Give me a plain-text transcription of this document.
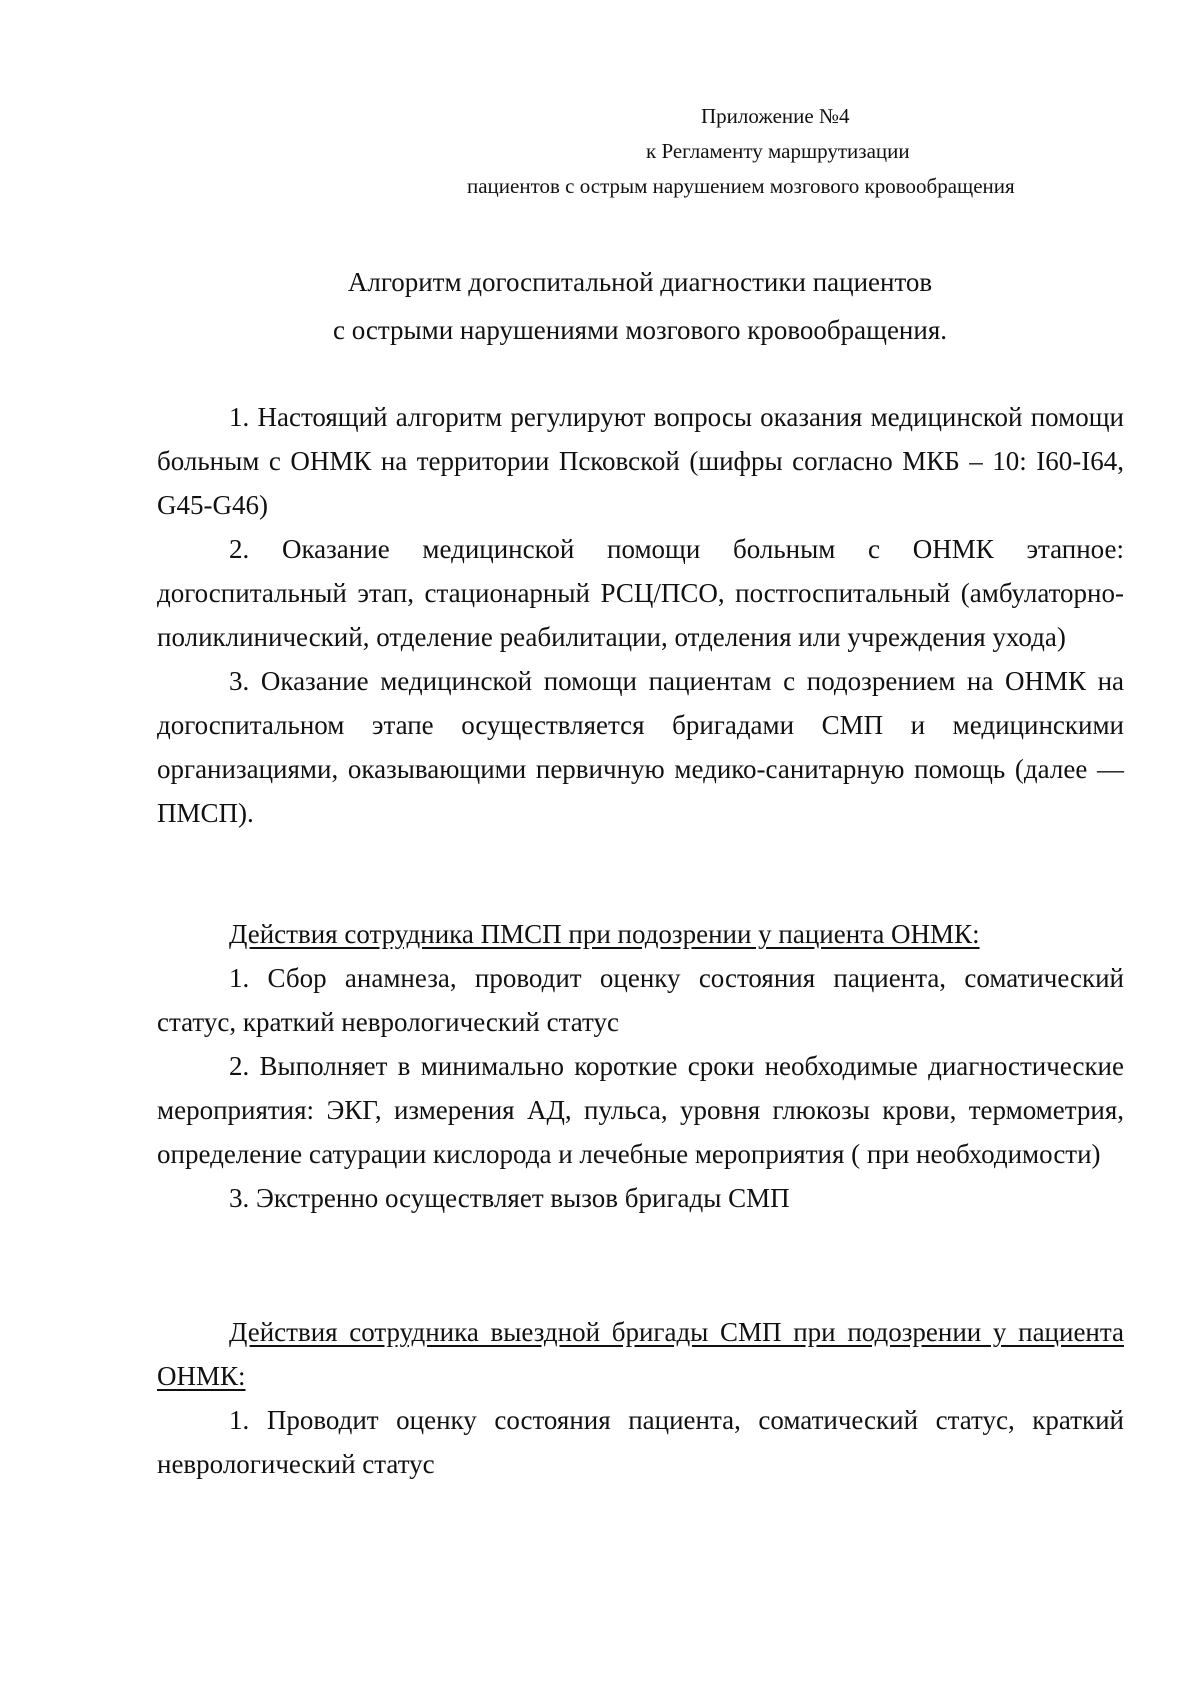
Приложение №4
к Регламенту маршрутизации
пациентов с острым нарушением мозгового кровообращения
Алгоритм догоспитальной диагностики пациентов
с острыми нарушениями мозгового кровообращения.

1. Настоящий алгоритм регулируют вопросы оказания медицинской помощи больным с ОНМК на территории Псковской (шифры согласно МКБ – 10: I60-I64, G45-G46)

2. Оказание медицинской помощи больным с ОНМК этапное: догоспитальный этап, стационарный РСЦ/ПСО, постгоспитальный (амбулаторно-поликлинический, отделение реабилитации, отделения или учреждения ухода)

3. Оказание медицинской помощи пациентам с подозрением на ОНМК на догоспитальном этапе осуществляется бригадами СМП и медицинскими организациями, оказывающими первичную медико-санитарную помощь (далее — ПМСП).

Действия сотрудника ПМСП при подозрении у пациента ОНМК:

1. Сбор анамнеза, проводит оценку состояния пациента, соматический статус, краткий неврологический статус

2. Выполняет в минимально короткие сроки необходимые диагностические мероприятия: ЭКГ, измерения АД, пульса, уровня глюкозы крови, термометрия, определение сатурации кислорода и лечебные мероприятия ( при необходимости)

3. Экстренно осуществляет вызов бригады СМП

Действия сотрудника выездной бригады СМП при подозрении у пациента ОНМК:

1. Проводит оценку состояния пациента, соматический статус, краткий неврологический статус
